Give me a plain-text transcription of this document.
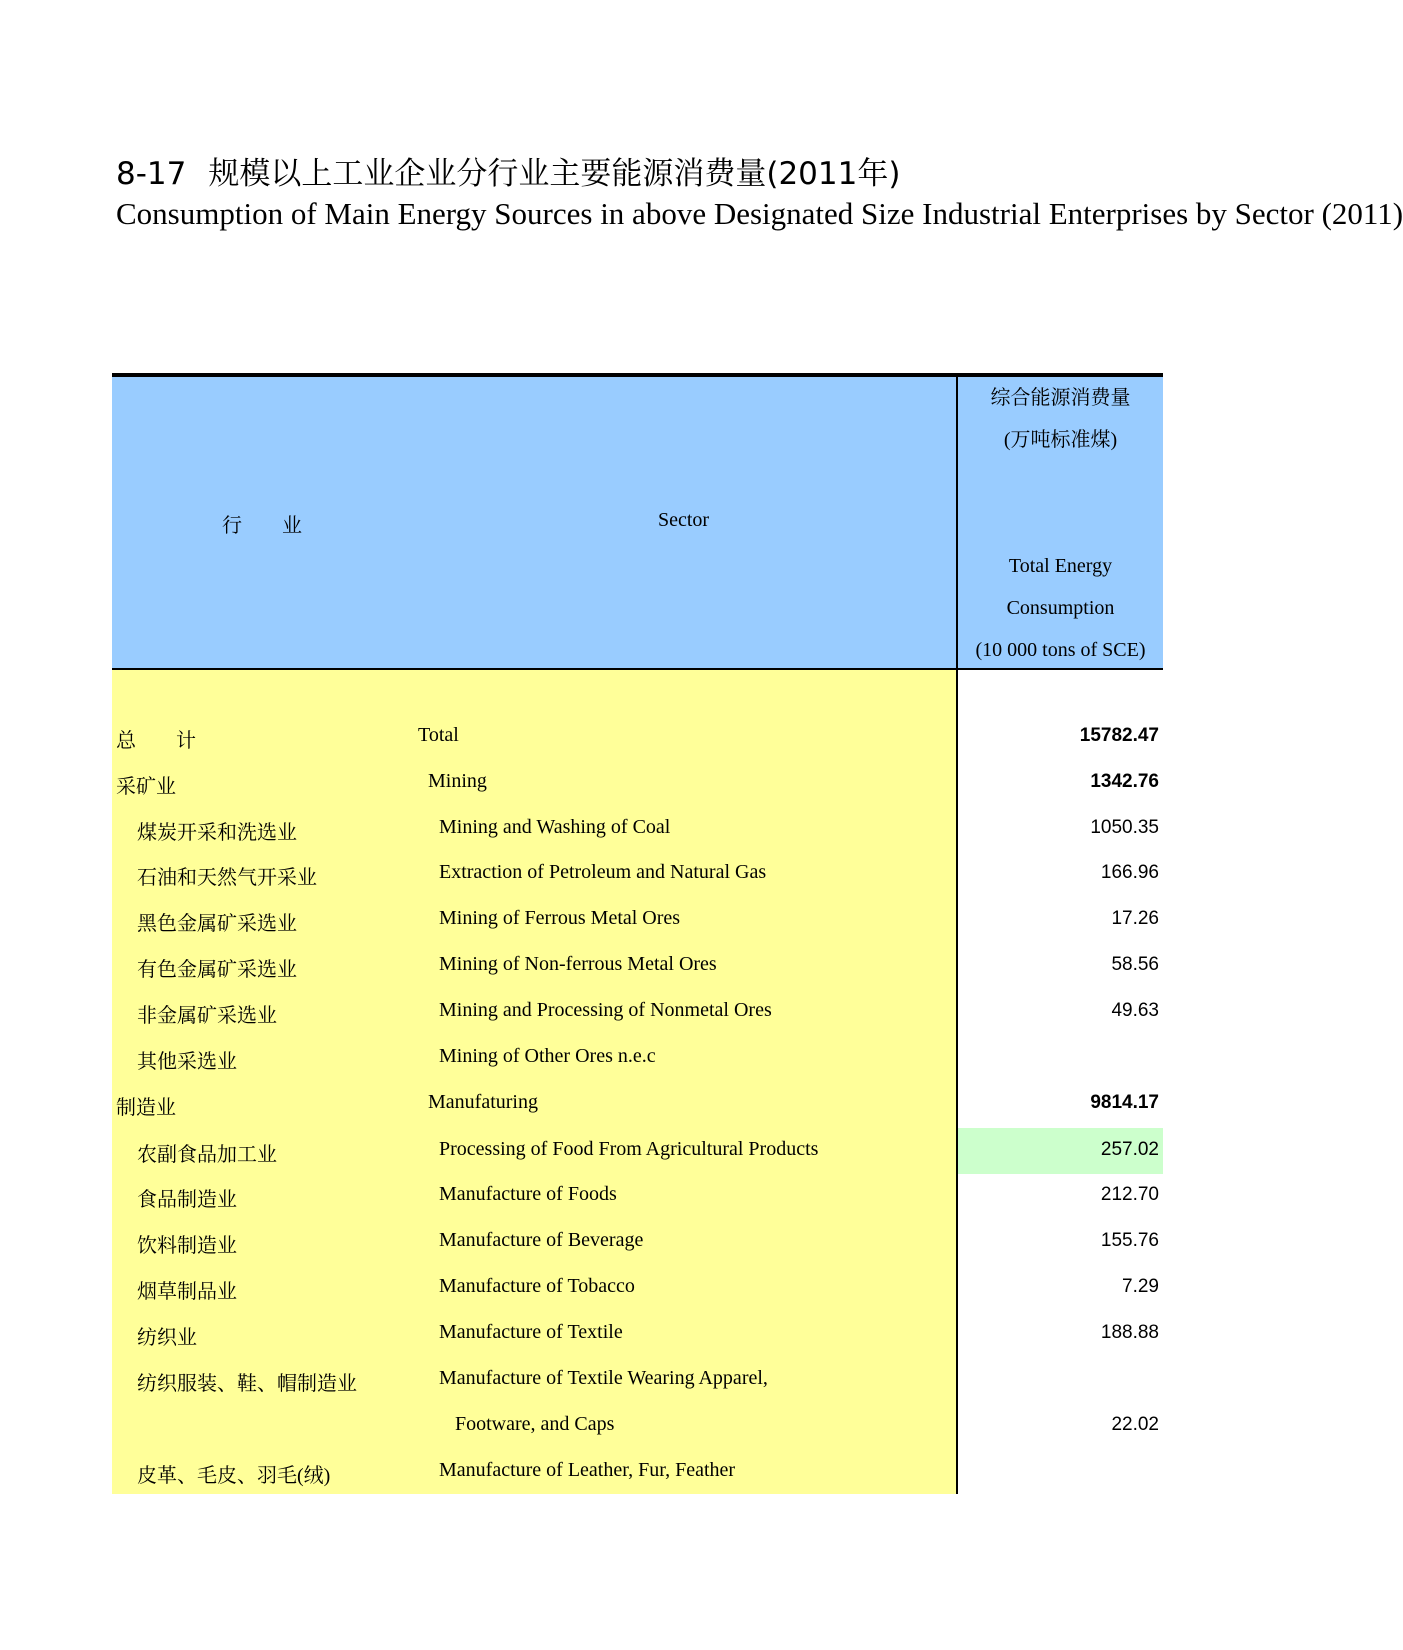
8-17 规模以上工业企业分行业主要能源消费量(2011年)
Consumption of Main Energy Sources in above Designated Size Industrial Enterprises by Sector (2011)
行 业	Sector
综合能源消费量
(万吨标准煤)
Total Energy
Consumption
(10 000 tons of SCE)
总　　计	Total	15782.47
采矿业	Mining	1342.76
煤炭开采和洗选业	Mining and Washing of Coal	1050.35
石油和天然气开采业	Extraction of Petroleum and Natural Gas	166.96
黑色金属矿采选业	Mining of Ferrous Metal Ores	17.26
有色金属矿采选业	Mining of Non-ferrous Metal Ores	58.56
非金属矿采选业	Mining and Processing of Nonmetal Ores	49.63
其他采选业	Mining of Other Ores n.e.c
制造业	Manufaturing	9814.17
农副食品加工业	Processing of Food From Agricultural Products	257.02
食品制造业	Manufacture of Foods	212.70
饮料制造业	Manufacture of Beverage	155.76
烟草制品业	Manufacture of Tobacco	7.29
纺织业	Manufacture of Textile	188.88
纺织服装、鞋、帽制造业	Manufacture of Textile Wearing Apparel,
Footware, and Caps	22.02
皮革、毛皮、羽毛(绒)	Manufacture of Leather, Fur, Feather
